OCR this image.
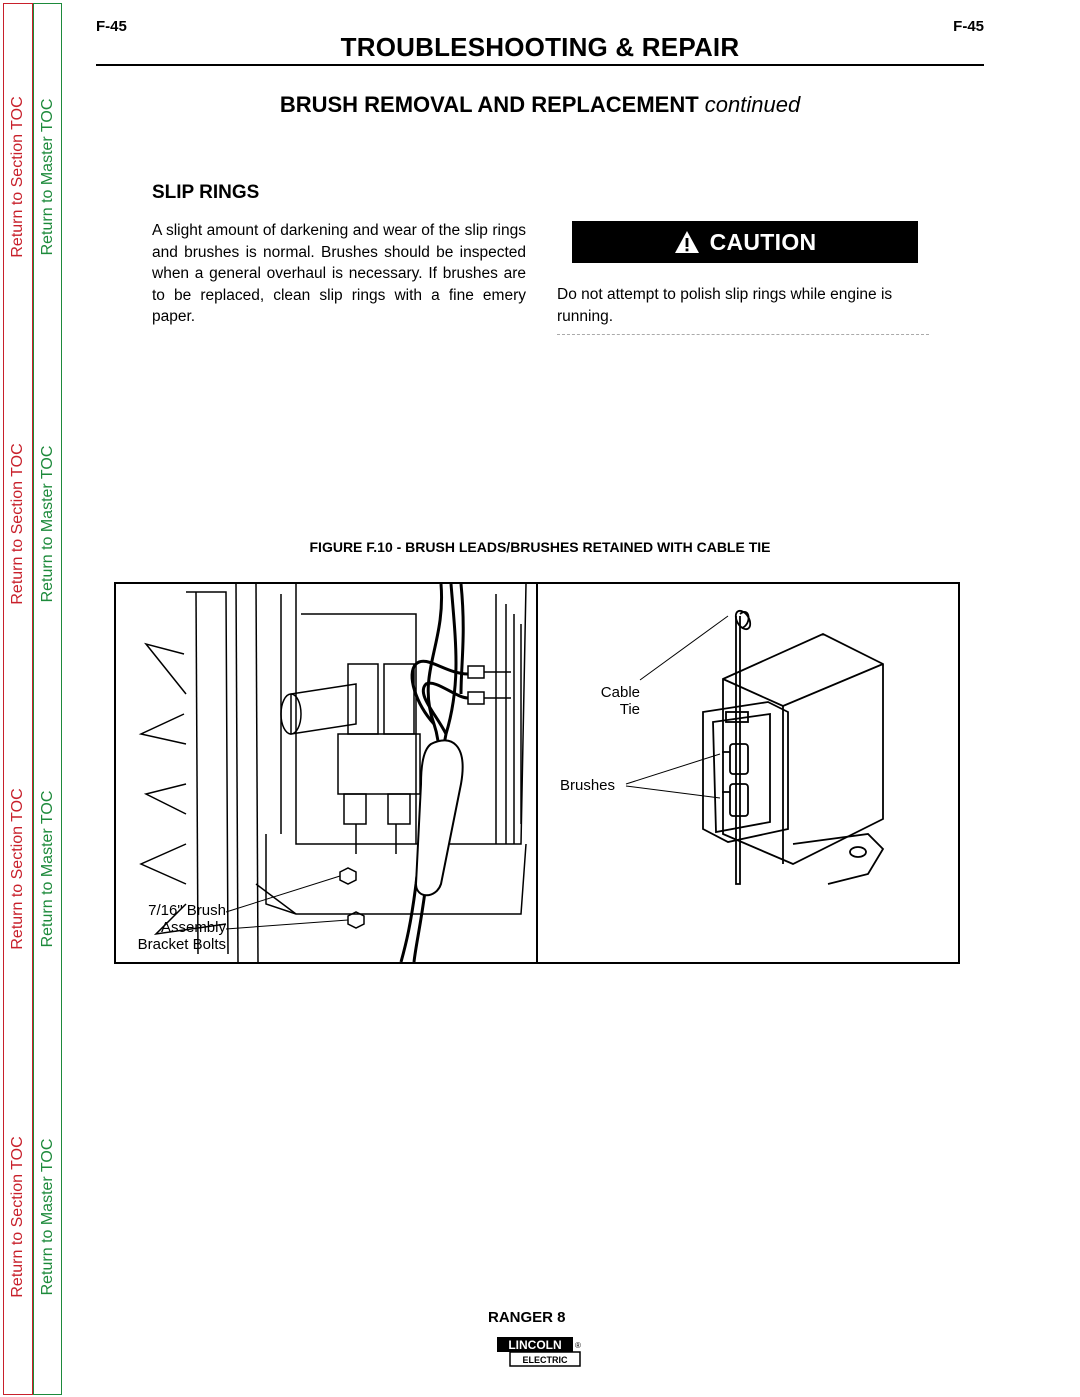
Return to Section TOC
Return to Section TOC
Return to Section TOC
Return to Section TOC
Return to Master TOC
Return to Master TOC
Return to Master TOC
Return to Master TOC
F-45	F-45
TROUBLESHOOTING & REPAIR
BRUSH REMOVAL AND REPLACEMENT continued
SLIP RINGS
A slight amount of darkening and wear of the slip rings and brushes is normal. Brushes should be inspected when a general overhaul is necessary. If brushes are to be replaced, clean slip rings with a fine emery paper.
CAUTION
Do not attempt to polish slip rings while engine is running.
FIGURE F.10 - BRUSH LEADS/BRUSHES RETAINED WITH CABLE TIE
7/16" Brush
Assembly
Bracket Bolts
Cable
Tie
Brushes
RANGER 8
LINCOLN
ELECTRIC
®
